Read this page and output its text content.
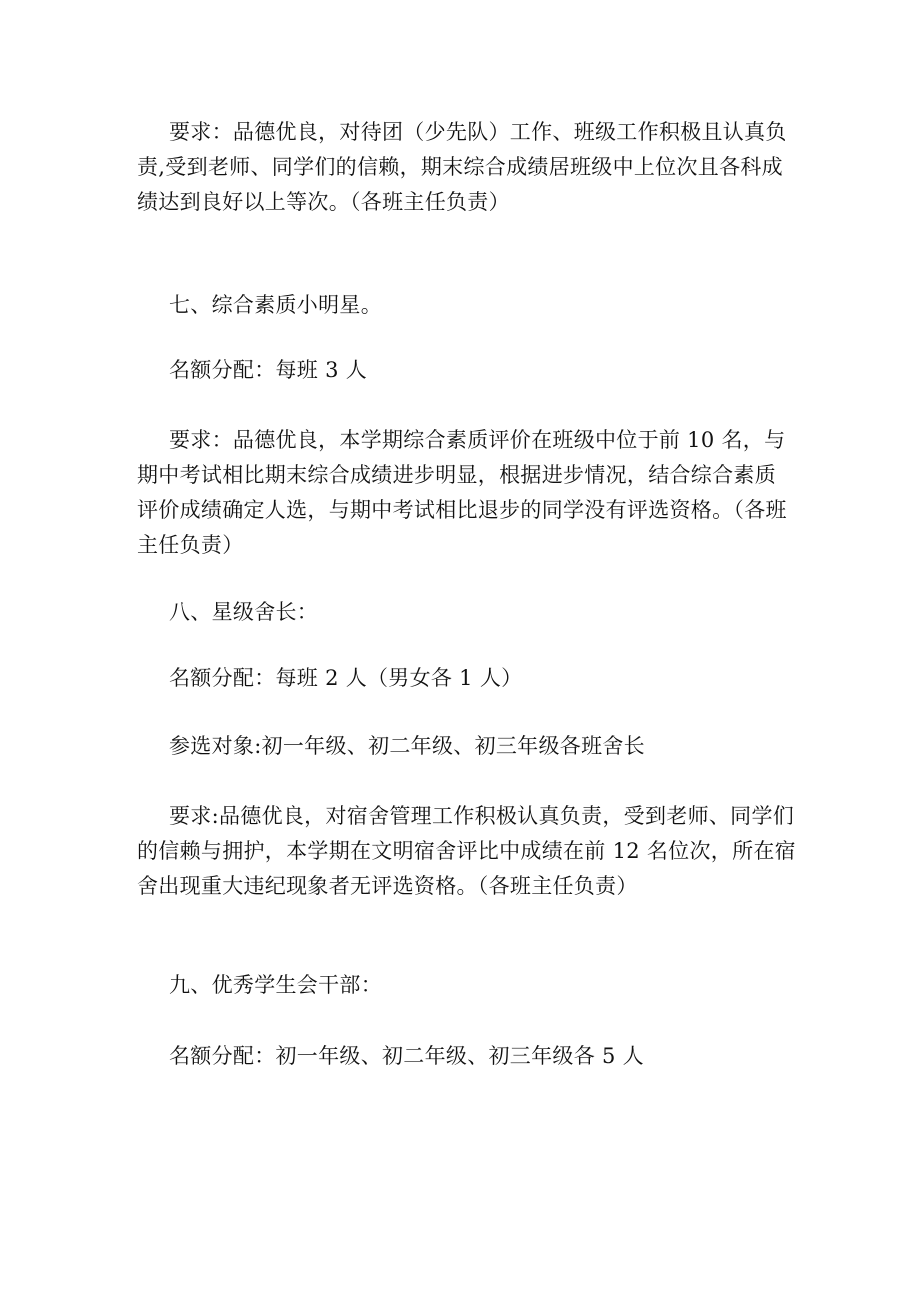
要求：品德优良，对待团（少先队）工作、班级工作积极且认真负责,受到老师、同学们的信赖，期末综合成绩居班级中上位次且各科成绩达到良好以上等次。（各班主任负责）

七、综合素质小明星。

名额分配：每班 3 人

要求：品德优良，本学期综合素质评价在班级中位于前 10 名，与期中考试相比期末综合成绩进步明显，根据进步情况，结合综合素质评价成绩确定人选，与期中考试相比退步的同学没有评选资格。（各班主任负责）

八、星级舍长：

名额分配：每班 2 人（男女各 1 人）

参选对象:初一年级、初二年级、初三年级各班舍长

要求:品德优良，对宿舍管理工作积极认真负责，受到老师、同学们的信赖与拥护，本学期在文明宿舍评比中成绩在前 12 名位次，所在宿舍出现重大违纪现象者无评选资格。（各班主任负责）

九、优秀学生会干部：

名额分配：初一年级、初二年级、初三年级各 5 人
